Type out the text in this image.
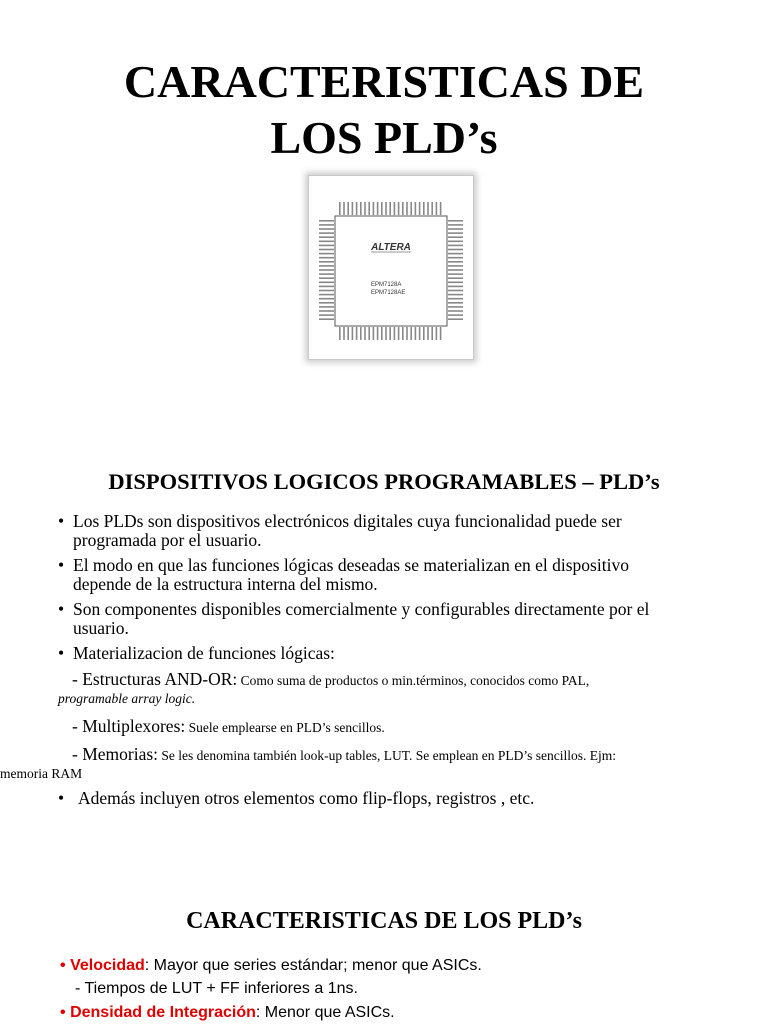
CARACTERISTICAS DE
LOS PLD’s
ALTERA
EPM7128A
EPM7128AE
DISPOSITIVOS LOGICOS PROGRAMABLES – PLD’s
• Los PLDs son dispositivos electrónicos digitales cuya funcionalidad puede ser
programada por el usuario.
• El modo en que las funciones lógicas deseadas se materializan en el dispositivo
depende de la estructura interna del mismo.
• Son componentes disponibles comercialmente y configurables directamente por el
usuario.
• Materializacion de funciones lógicas:
- Estructuras AND-OR: Como suma de productos o min.términos, conocidos como PAL,
programable array logic.
- Multiplexores: Suele emplearse en PLD’s sencillos.
- Memorias: Se les denomina también look-up tables, LUT. Se emplean en PLD’s sencillos. Ejm:
memoria RAM
• Además incluyen otros elementos como flip-flops, registros , etc.
CARACTERISTICAS DE LOS PLD’s
• Velocidad: Mayor que series estándar; menor que ASICs.
- Tiempos de LUT + FF inferiores a 1ns.
• Densidad de Integración: Menor que ASICs.
